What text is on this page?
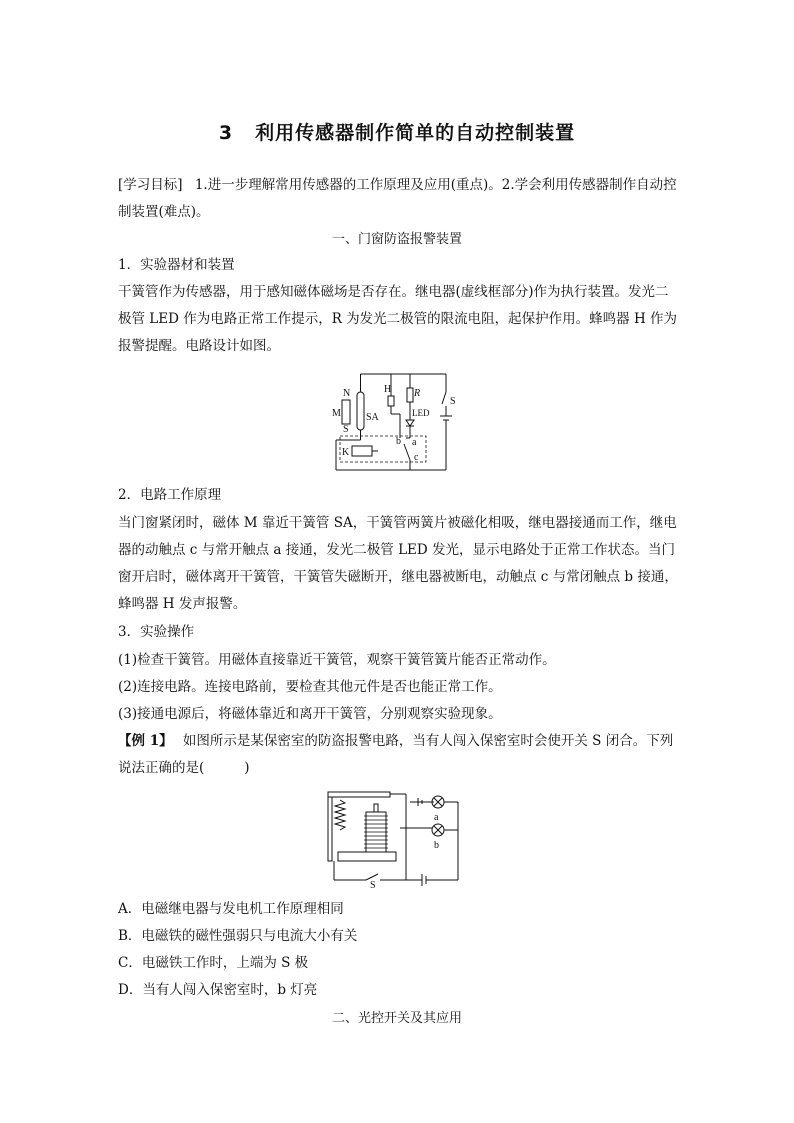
3 利用传感器制作简单的自动控制装置
[学习目标] 1.进一步理解常用传感器的工作原理及应用(重点)。2.学会利用传感器制作自动控制装置(难点)。
一、门窗防盗报警装置
1．实验器材和装置
干簧管作为传感器，用于感知磁体磁场是否存在。继电器(虚线框部分)作为执行装置。发光二极管 LED 作为电路正常工作提示，R 为发光二极管的限流电阻，起保护作用。蜂鸣器 H 作为报警提醒。电路设计如图。
N
M
S
SA
H R
LED
S
b a
K	c
2．电路工作原理
当门窗紧闭时，磁体 M 靠近干簧管 SA，干簧管两簧片被磁化相吸，继电器接通而工作，继电器的动触点 c 与常开触点 a 接通，发光二极管 LED 发光，显示电路处于正常工作状态。当门窗开启时，磁体离开干簧管，干簧管失磁断开，继电器被断电，动触点 c 与常闭触点 b 接通，蜂鸣器 H 发声报警。
3．实验操作
(1)检查干簧管。用磁体直接靠近干簧管，观察干簧管簧片能否正常动作。
(2)连接电路。连接电路前，要检查其他元件是否也能正常工作。
(3)接通电源后，将磁体靠近和离开干簧管，分别观察实验现象。
【例 1】 如图所示是某保密室的防盗报警电路，当有人闯入保密室时会使开关 S 闭合。下列
说法正确的是(	)
a
b
S
A．电磁继电器与发电机工作原理相同
B．电磁铁的磁性强弱只与电流大小有关
C．电磁铁工作时，上端为 S 极
D．当有人闯入保密室时，b 灯亮
二、光控开关及其应用
